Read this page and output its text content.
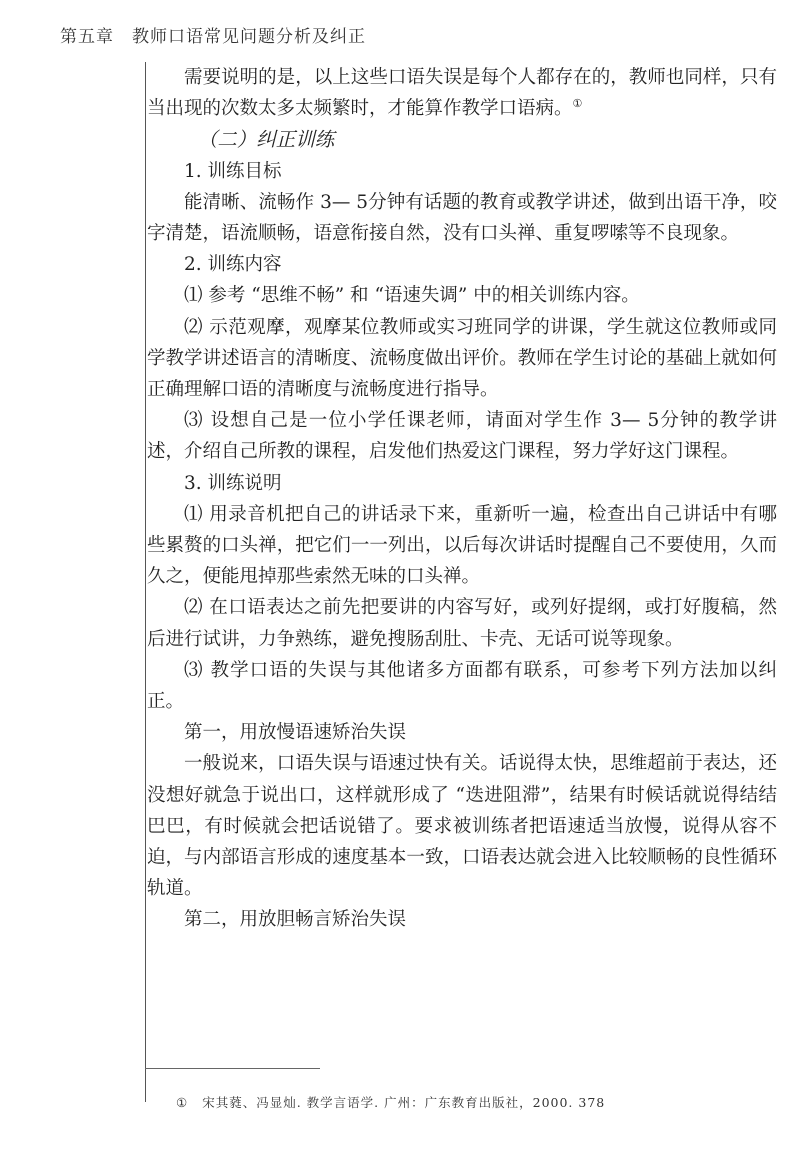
第五章 教师口语常见问题分析及纠正

需要说明的是，以上这些口语失误是每个人都存在的，教师也同样，只有当出现的次数太多太频繁时，才能算作教学口语病。①

（二）纠正训练

1. 训练目标

能清晰、流畅作 3— 5分钟有话题的教育或教学讲述，做到出语干净，咬字清楚，语流顺畅，语意衔接自然，没有口头禅、重复啰嗦等不良现象。

2. 训练内容

⑴ 参考 “思维不畅” 和 “语速失调” 中的相关训练内容。

⑵ 示范观摩，观摩某位教师或实习班同学的讲课，学生就这位教师或同学教学讲述语言的清晰度、流畅度做出评价。教师在学生讨论的基础上就如何正确理解口语的清晰度与流畅度进行指导。

⑶ 设想自己是一位小学任课老师，请面对学生作 3— 5分钟的教学讲述，介绍自己所教的课程，启发他们热爱这门课程，努力学好这门课程。

3. 训练说明

⑴ 用录音机把自己的讲话录下来，重新听一遍，检查出自己讲话中有哪些累赘的口头禅，把它们一一列出，以后每次讲话时提醒自己不要使用，久而久之，便能甩掉那些索然无味的口头禅。

⑵ 在口语表达之前先把要讲的内容写好，或列好提纲，或打好腹稿，然后进行试讲，力争熟练，避免搜肠刮肚、卡壳、无话可说等现象。

⑶ 教学口语的失误与其他诸多方面都有联系，可参考下列方法加以纠正。

第一，用放慢语速矫治失误

一般说来，口语失误与语速过快有关。话说得太快，思维超前于表达，还没想好就急于说出口，这样就形成了 “迭进阻滞”，结果有时候话就说得结结巴巴，有时候就会把话说错了。要求被训练者把语速适当放慢，说得从容不迫，与内部语言形成的速度基本一致，口语表达就会进入比较顺畅的良性循环轨道。

第二，用放胆畅言矫治失误

① 宋其蕤、冯显灿. 教学言语学. 广州：广东教育出版社，2000. 378
